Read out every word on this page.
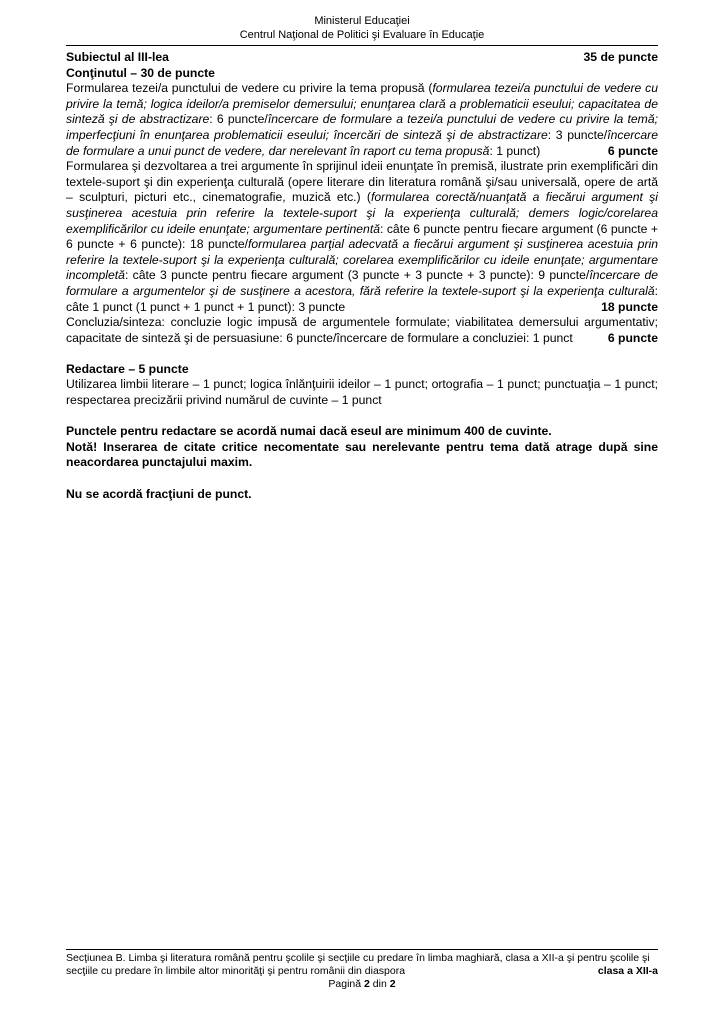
Ministerul Educaţiei
Centrul Naţional de Politici şi Evaluare în Educaţie
Subiectul al III-lea	35 de puncte
Conţinutul – 30 de puncte

Formularea tezei/a punctului de vedere cu privire la tema propusă (formularea tezei/a punctului de vedere cu privire la temă; logica ideilor/a premiselor demersului; enunţarea clară a problematicii eseului; capacitatea de sinteză şi de abstractizare: 6 puncte/încercare de formulare a tezei/a punctului de vedere cu privire la temă; imperfecţiuni în enunţarea problematicii eseului; încercări de sinteză şi de abstractizare: 3 puncte/încercare de formulare a unui punct de vedere, dar nerelevant în raport cu tema propusă: 1 punct)	6 puncte

Formularea şi dezvoltarea a trei argumente în sprijinul ideii enunţate în premisă, ilustrate prin exemplificări din textele-suport şi din experienţa culturală (opere literare din literatura română şi/sau universală, opere de artă – sculpturi, picturi etc., cinematografie, muzică etc.) (formularea corectă/nuanţată a fiecărui argument şi susţinerea acestuia prin referire la textele-suport şi la experienţa culturală; demers logic/corelarea exemplificărilor cu ideile enunţate; argumentare pertinentă: câte 6 puncte pentru fiecare argument (6 puncte + 6 puncte + 6 puncte): 18 puncte/formularea parţial adecvată a fiecărui argument şi susţinerea acestuia prin referire la textele-suport şi la experienţa culturală; corelarea exemplificărilor cu ideile enunţate; argumentare incompletă: câte 3 puncte pentru fiecare argument (3 puncte + 3 puncte + 3 puncte): 9 puncte/încercare de formulare a argumentelor şi de susţinere a acestora, fără referire la textele-suport şi la experienţa culturală: câte 1 punct (1 punct + 1 punct + 1 punct): 3 puncte	18 puncte

Concluzia/sinteza: concluzie logic impusă de argumentele formulate; viabilitatea demersului argumentativ; capacitate de sinteză şi de persuasiune: 6 puncte/încercare de formulare a concluziei: 1 punct	6 puncte

Redactare – 5 puncte

Utilizarea limbii literare – 1 punct; logica înlănţuirii ideilor – 1 punct; ortografia – 1 punct; punctuaţia – 1 punct; respectarea precizării privind numărul de cuvinte – 1 punct

Punctele pentru redactare se acordă numai dacă eseul are minimum 400 de cuvinte.

Notă! Inserarea de citate critice necomentate sau nerelevante pentru tema dată atrage după sine neacordarea punctajului maxim.

Nu se acordă fracţiuni de punct.
Secţiunea B. Limba şi literatura română pentru şcolile şi secţiile cu predare în limba maghiară, clasa a XII-a şi pentru şcolile şi
secţiile cu predare în limbile altor minorităţi şi pentru românii din diaspora	clasa a XII-a
Pagină 2 din 2
